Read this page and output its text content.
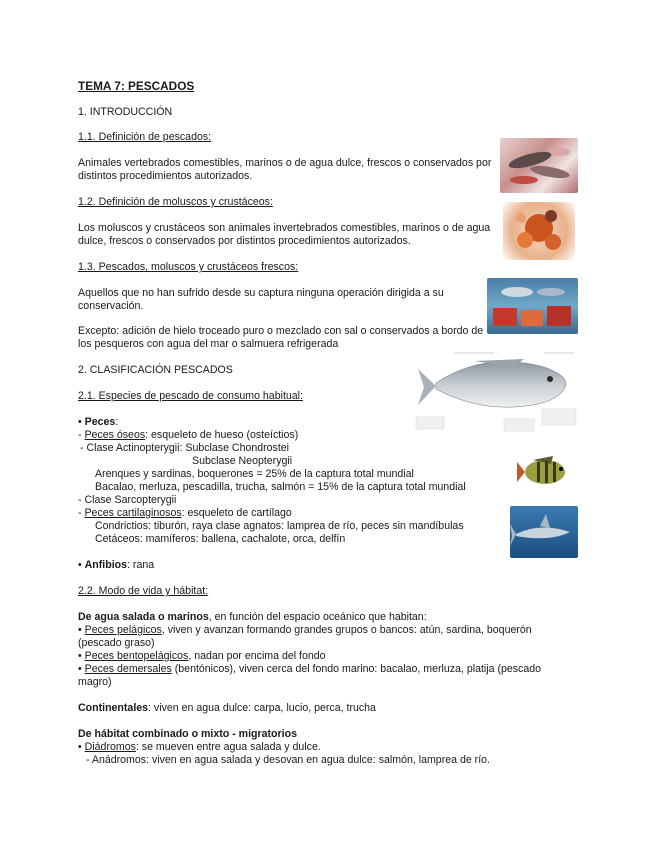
TEMA 7: PESCADOS
1. INTRODUCCIÓN
1.1. Definición de pescados:
Animales vertebrados comestibles, marinos o de agua dulce, frescos o conservados por distintos procedimientos autorizados.
1.2. Definición de moluscos y crustáceos:
Los moluscos y crustáceos son animales invertebrados comestibles, marinos o de agua dulce, frescos o conservados por distintos procedimientos autorizados.
1.3. Pescados, moluscos y crustáceos frescos:
Aquellos que no han sufrido desde su captura ninguna operación dirigida a su conservación.
Excepto: adición de hielo troceado puro o mezclado con sal o conservados a bordo de los pesqueros con agua del mar o salmuera refrigerada
2. CLASIFICACIÓN PESCADOS
2.1. Especies de pescado de consumo habitual:
• Peces:
- Peces óseos: esqueleto de hueso (osteíctios)
- Clase Actinopterygii: Subclase Chondrostei
Subclase Neopterygii
Arenques y sardinas, boquerones = 25% de la captura total mundial
Bacalao, merluza, pescadilla, trucha, salmón = 15% de la captura total mundial
- Clase Sarcopterygii
- Peces cartilaginosos: esqueleto de cartílago
Condrictios: tiburón, raya clase agnatos: lamprea de río, peces sin mandíbulas
Cetáceos: mamíferos: ballena, cachalote, orca, delfín
• Anfibios: rana
2.2. Modo de vida y hábitat:
De agua salada o marinos, en función del espacio oceánico que habitan:
• Peces pelágicos, viven y avanzan formando grandes grupos o bancos: atún, sardina, boquerón (pescado graso)
• Peces bentopelágicos, nadan por encima del fondo
• Peces demersales (bentónicos), viven cerca del fondo marino: bacalao, merluza, platija (pescado magro)
Continentales: viven en agua dulce: carpa, lucio, perca, trucha
De hábitat combinado o mixto - migratorios
• Diádromos: se mueven entre agua salada y dulce.
- Anádromos: viven en agua salada y desovan en agua dulce: salmón, lamprea de río.
